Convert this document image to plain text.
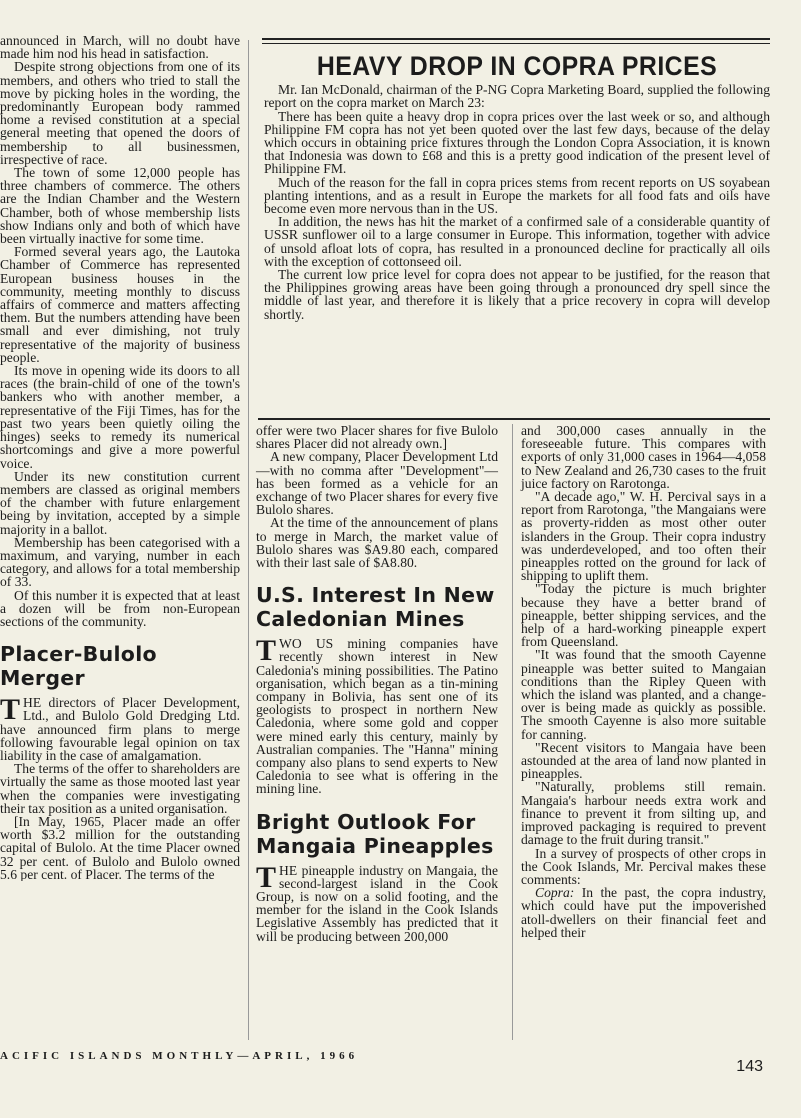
announced in March, will no doubt have made him nod his head in satisfaction.

Despite strong objections from one of its members, and others who tried to stall the move by picking holes in the wording, the predominantly European body rammed home a revised constitution at a special general meeting that opened the doors of membership to all businessmen, irrespective of race.

The town of some 12,000 people has three chambers of commerce. The others are the Indian Chamber and the Western Chamber, both of whose membership lists show Indians only and both of which have been virtually inactive for some time.

Formed several years ago, the Lautoka Chamber of Commerce has represented European business houses in the community, meeting monthly to discuss affairs of commerce and matters affecting them. But the numbers attending have been small and ever dimishing, not truly representative of the majority of business people.

Its move in opening wide its doors to all races (the brain-child of one of the town's bankers who with another member, a representative of the Fiji Times, has for the past two years been quietly oiling the hinges) seeks to remedy its numerical shortcomings and give a more powerful voice.

Under its new constitution current members are classed as original members of the chamber with future enlargement being by invitation, accepted by a simple majority in a ballot.

Membership has been categorised with a maximum, and varying, number in each category, and allows for a total membership of 33.

Of this number it is expected that at least a dozen will be from non-European sections of the community.

Placer-Bulolo Merger

THE directors of Placer Development, Ltd., and Bulolo Gold Dredging Ltd. have announced firm plans to merge following favourable legal opinion on tax liability in the case of amalgamation.

The terms of the offer to shareholders are virtually the same as those mooted last year when the companies were investigating their tax position as a united organisation.

[In May, 1965, Placer made an offer worth $3.2 million for the outstanding capital of Bulolo. At the time Placer owned 32 per cent. of Bulolo and Bulolo owned 5.6 per cent. of Placer. The terms of the

HEAVY DROP IN COPRA PRICES

Mr. Ian McDonald, chairman of the P-NG Copra Marketing Board, supplied the following report on the copra market on March 23:

There has been quite a heavy drop in copra prices over the last week or so, and although Philippine FM copra has not yet been quoted over the last few days, because of the delay which occurs in obtaining price fixtures through the London Copra Association, it is known that Indonesia was down to £68 and this is a pretty good indication of the present level of Philippine FM.

Much of the reason for the fall in copra prices stems from recent reports on US soyabean planting intentions, and as a result in Europe the markets for all food fats and oils have become even more nervous than in the US.

In addition, the news has hit the market of a confirmed sale of a considerable quantity of USSR sunflower oil to a large consumer in Europe. This information, together with advice of unsold afloat lots of copra, has resulted in a pronounced decline for practically all oils with the exception of cottonseed oil.

The current low price level for copra does not appear to be justified, for the reason that the Philippines growing areas have been going through a pronounced dry spell since the middle of last year, and therefore it is likely that a price recovery in copra will develop shortly.

offer were two Placer shares for five Bulolo shares Placer did not already own.]

A new company, Placer Development Ltd—with no comma after "Development"—has been formed as a vehicle for an exchange of two Placer shares for every five Bulolo shares.

At the time of the announcement of plans to merge in March, the market value of Bulolo shares was $A9.80 each, compared with their last sale of $A8.80.

U.S. Interest In New Caledonian Mines

TWO US mining companies have recently shown interest in New Caledonia's mining possibilities. The Patino organisation, which began as a tin-mining company in Bolivia, has sent one of its geologists to prospect in northern New Caledonia, where some gold and copper were mined early this century, mainly by Australian companies. The "Hanna" mining company also plans to send experts to New Caledonia to see what is offering in the mining line.

Bright Outlook For Mangaia Pineapples

THE pineapple industry on Mangaia, the second-largest island in the Cook Group, is now on a solid footing, and the member for the island in the Cook Islands Legislative Assembly has predicted that it will be producing between 200,000

and 300,000 cases annually in the foreseeable future. This compares with exports of only 31,000 cases in 1964—4,058 to New Zealand and 26,730 cases to the fruit juice factory on Rarotonga.

"A decade ago," W. H. Percival says in a report from Rarotonga, "the Mangaians were as proverty-ridden as most other outer islanders in the Group. Their copra industry was underdeveloped, and too often their pineapples rotted on the ground for lack of shipping to uplift them.

"Today the picture is much brighter because they have a better brand of pineapple, better shipping services, and the help of a hard-working pineapple expert from Queensland.

"It was found that the smooth Cayenne pineapple was better suited to Mangaian conditions than the Ripley Queen with which the island was planted, and a change-over is being made as quickly as possible. The smooth Cayenne is also more suitable for canning.

"Recent visitors to Mangaia have been astounded at the area of land now planted in pineapples.

"Naturally, problems still remain. Mangaia's harbour needs extra work and finance to prevent it from silting up, and improved packaging is required to prevent damage to the fruit during transit."

In a survey of prospects of other crops in the Cook Islands, Mr. Percival makes these comments:

Copra: In the past, the copra industry, which could have put the impoverished atoll-dwellers on their financial feet and helped their

ACIFIC ISLANDS MONTHLY—APRIL, 1966
143
